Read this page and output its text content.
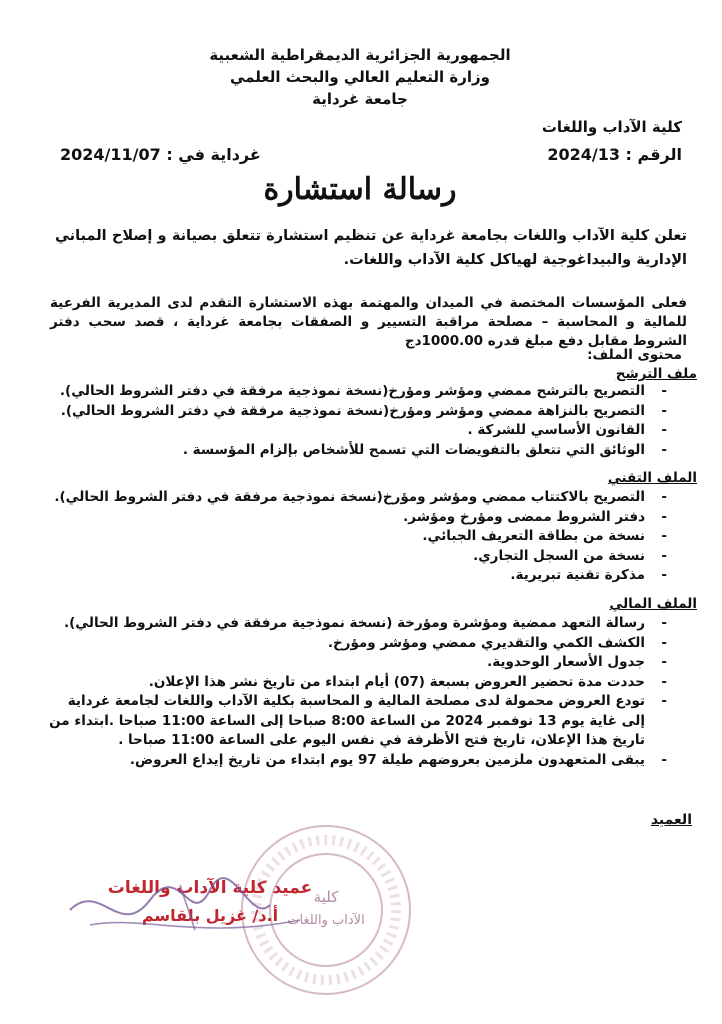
الجمهورية الجزائرية الديمقراطية الشعبية
وزارة التعليم العالي والبحث العلمي
جامعة غرداية
كلية الآداب واللغات
الرقم : 2024/13
غرداية في : 2024/11/07
رسالة استشارة
تعلن كلية الآداب واللغات بجامعة غرداية عن تنظيم استشارة تتعلق بصيانة و إصلاح المباني الإدارية والبيداغوجية لهياكل كلية الآداب واللغات.
فعلى المؤسسات المختصة في الميدان والمهتمة بهذه الاستشارة التقدم لدى المديرية الفرعية للمالية و المحاسبة – مصلحة مراقبة التسيير و الصفقات بجامعة غرداية ، قصد سحب دفتر الشروط مقابل دفع مبلغ قدره 1000.00دج
محتوى الملف:
ملف الترشح
-
التصريح بالترشح ممضي ومؤشر ومؤرخ(نسخة نموذجية مرفقة في دفتر الشروط الحالي).
-
التصريح بالنزاهة ممضي ومؤشر ومؤرخ(نسخة نموذجية مرفقة في دفتر الشروط الحالي).
-
القانون الأساسي للشركة .
-
الوثائق التي تتعلق بالتفويضات التي تسمح للأشخاص بإلزام المؤسسة .
الملف التقني
-
التصريح بالاكتتاب ممضي ومؤشر ومؤرخ(نسخة نموذجية مرفقة في دفتر الشروط الحالي).
-
دفتر الشروط ممضى ومؤرخ ومؤشر.
-
نسخة من بطاقة التعريف الجبائي.
-
نسخة من السجل التجاري.
-
مذكرة تقنية تبريرية.
الملف المالي
-
رسالة التعهد ممضية ومؤشرة ومؤرخة (نسخة نموذجية مرفقة في دفتر الشروط الحالي).
-
الكشف الكمي والتقديري ممضي ومؤشر ومؤرخ.
-
جدول الأسعار الوحدوية.
-
حددت مدة تحضير العروض بسبعة (07) أيام ابتداء من تاريخ نشر هذا الإعلان.
-
تودع العروض محمولة لدى مصلحة المالية و المحاسبة بكلية الآداب واللغات لجامعة غرداية إلى غاية يوم 13 نوفمبر 2024 من الساعة 8:00 صباحا إلى الساعة 11:00 صباحا .ابتداء من تاريخ هذا الإعلان، تاريخ فتح الأظرفة في نفس اليوم على الساعة 11:00 صباحا .
-
يبقى المتعهدون ملزمين بعروضهم طيلة 97 يوم ابتداء من تاريخ إيداع العروض.
العميد
كلية
الآداب واللغات
عميد كلية الآداب واللغات
أ.د/ غزيل بلقاسم
